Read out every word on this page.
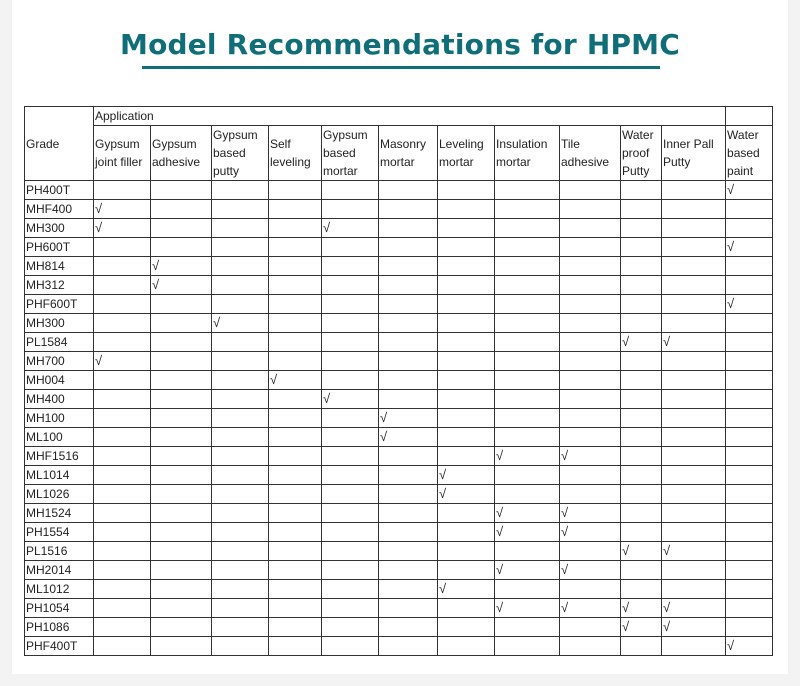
Model Recommendations for HPMC
Grade	Application											
	Gypsum joint filler	Gypsum adhesive	Gypsum based putty	Self leveling	Gypsum based mortar	Masonry mortar	Leveling mortar	Insulation mortar	Tile adhesive	Water proof Putty	Inner Pall Putty	Water based paint
PH400T												√
MHF400	√											
MH300	√				√							
PH600T												√
MH814		√										
MH312		√										
PHF600T												√
MH300			√									
PL1584										√	√	
MH700	√											
MH004				√								
MH400					√							
MH100						√						
ML100						√						
MHF1516								√	√			
ML1014							√					
ML1026							√					
MH1524								√	√			
PH1554								√	√			
PL1516										√	√	
MH2014								√	√			
ML1012							√					
PH1054								√	√	√	√	
PH1086										√	√	
PHF400T												√
